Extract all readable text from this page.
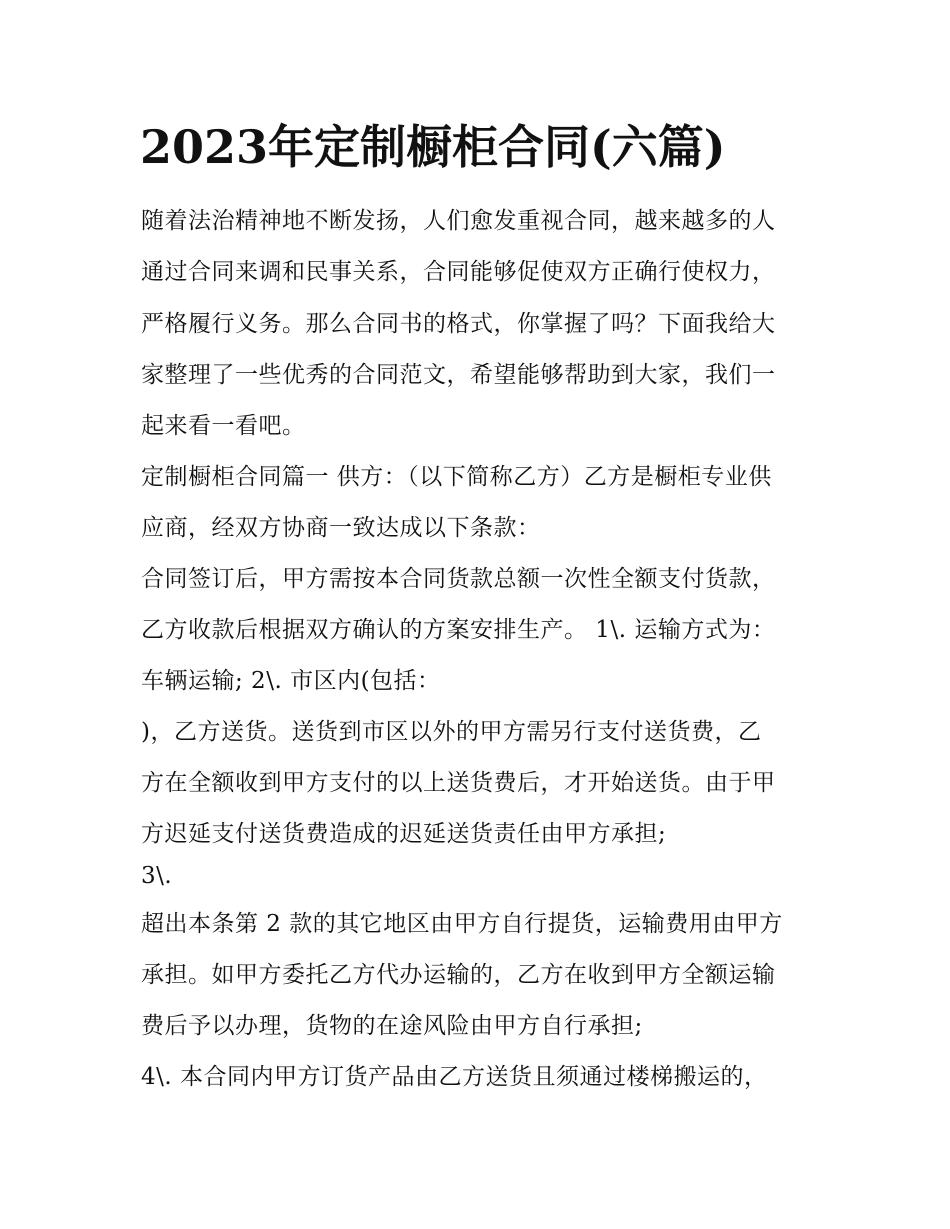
2023年定制橱柜合同(六篇)
随着法治精神地不断发扬，人们愈发重视合同，越来越多的人
通过合同来调和民事关系，合同能够促使双方正确行使权力，
严格履行义务。那么合同书的格式，你掌握了吗？下面我给大
家整理了一些优秀的合同范文，希望能够帮助到大家，我们一
起来看一看吧。
定制橱柜合同篇一 供方：（以下简称乙方）乙方是橱柜专业供
应商，经双方协商一致达成以下条款：
合同签订后，甲方需按本合同货款总额一次性全额支付货款，
乙方收款后根据双方确认的方案安排生产。 1\. 运输方式为：
车辆运输; 2\. 市区内(包括：
)，乙方送货。送货到市区以外的甲方需另行支付送货费，乙
方在全额收到甲方支付的以上送货费后，才开始送货。由于甲
方迟延支付送货费造成的迟延送货责任由甲方承担;
3\.
超出本条第 2 款的其它地区由甲方自行提货，运输费用由甲方
承担。如甲方委托乙方代办运输的，乙方在收到甲方全额运输
费后予以办理，货物的在途风险由甲方自行承担;
4\. 本合同内甲方订货产品由乙方送货且须通过楼梯搬运的，
